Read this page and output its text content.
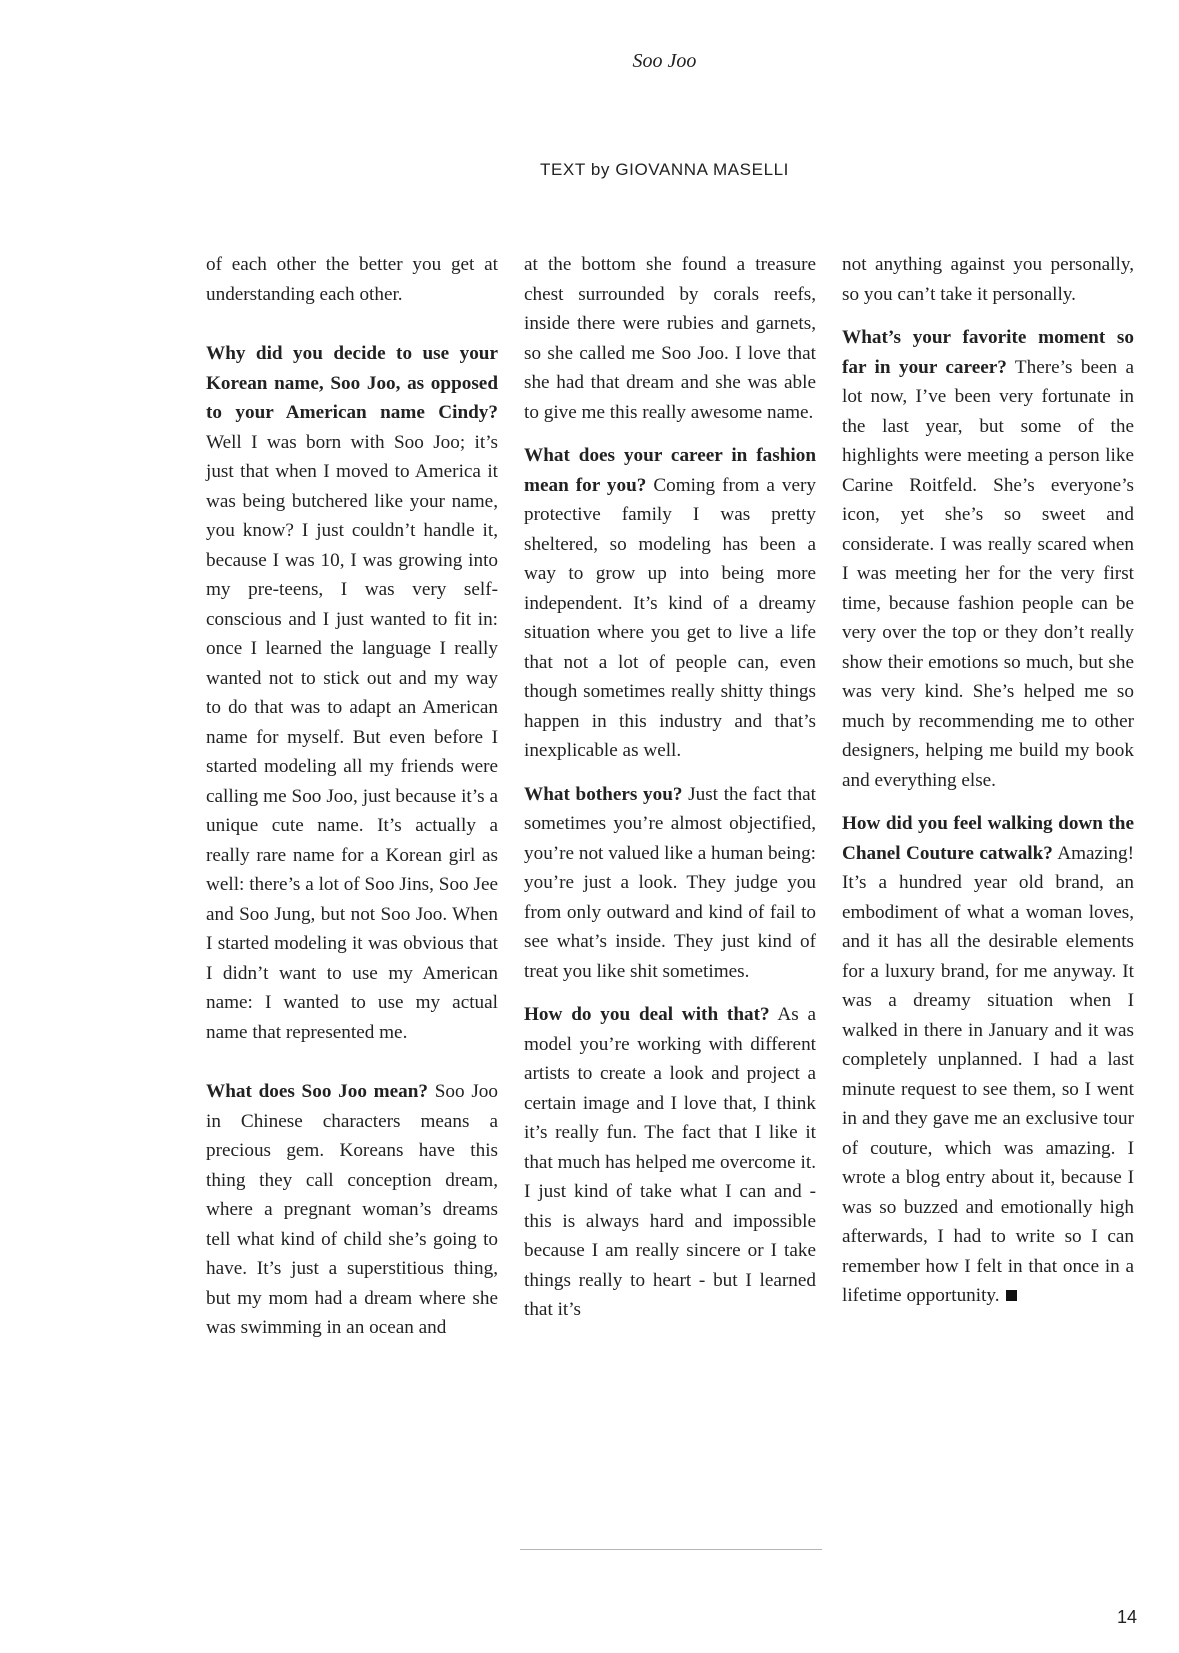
Soo Joo
TEXT by GIOVANNA MASELLI

of each other the better you get at understanding each other.

Why did you decide to use your Korean name, Soo Joo, as opposed to your American name Cindy? Well I was born with Soo Joo; it’s just that when I moved to America it was being butchered like your name, you know? I just couldn’t handle it, because I was 10, I was growing into my pre-teens, I was very self-conscious and I just wanted to fit in: once I learned the language I really wanted not to stick out and my way to do that was to adapt an American name for myself. But even before I started modeling all my friends were calling me Soo Joo, just because it’s a unique cute name. It’s actually a really rare name for a Korean girl as well: there’s a lot of Soo Jins, Soo Jee and Soo Jung, but not Soo Joo. When I started modeling it was obvious that I didn’t want to use my American name: I wanted to use my actual name that represented me.

What does Soo Joo mean? Soo Joo in Chinese characters means a precious gem. Koreans have this thing they call conception dream, where a pregnant woman’s dreams tell what kind of child she’s going to have. It’s just a superstitious thing, but my mom had a dream where she was swimming in an ocean and

at the bottom she found a treasure chest surrounded by corals reefs, inside there were rubies and garnets, so she called me Soo Joo. I love that she had that dream and she was able to give me this really awesome name.

What does your career in fashion mean for you? Coming from a very protective family I was pretty sheltered, so modeling has been a way to grow up into being more independent. It’s kind of a dreamy situation where you get to live a life that not a lot of people can, even though sometimes really shitty things happen in this industry and that’s inexplicable as well.

What bothers you? Just the fact that sometimes you’re almost objectified, you’re not valued like a human being: you’re just a look. They judge you from only outward and kind of fail to see what’s inside. They just kind of treat you like shit sometimes.

How do you deal with that? As a model you’re working with different artists to create a look and project a certain image and I love that, I think it’s really fun. The fact that I like it that much has helped me overcome it. I just kind of take what I can and - this is always hard and impossible because I am really sincere or I take things really to heart - but I learned that it’s

not anything against you personally, so you can’t take it personally.

What’s your favorite moment so far in your career? There’s been a lot now, I’ve been very fortunate in the last year, but some of the highlights were meeting a person like Carine Roitfeld. She’s everyone’s icon, yet she’s so sweet and considerate. I was really scared when I was meeting her for the very first time, because fashion people can be very over the top or they don’t really show their emotions so much, but she was very kind. She’s helped me so much by recommending me to other designers, helping me build my book and everything else.

How did you feel walking down the Chanel Couture catwalk? Amazing! It’s a hundred year old brand, an embodiment of what a woman loves, and it has all the desirable elements for a luxury brand, for me anyway. It was a dreamy situation when I walked in there in January and it was completely unplanned. I had a last minute request to see them, so I went in and they gave me an exclusive tour of couture, which was amazing. I wrote a blog entry about it, because I was so buzzed and emotionally high afterwards, I had to write so I can remember how I felt in that once in a lifetime opportunity.

14
